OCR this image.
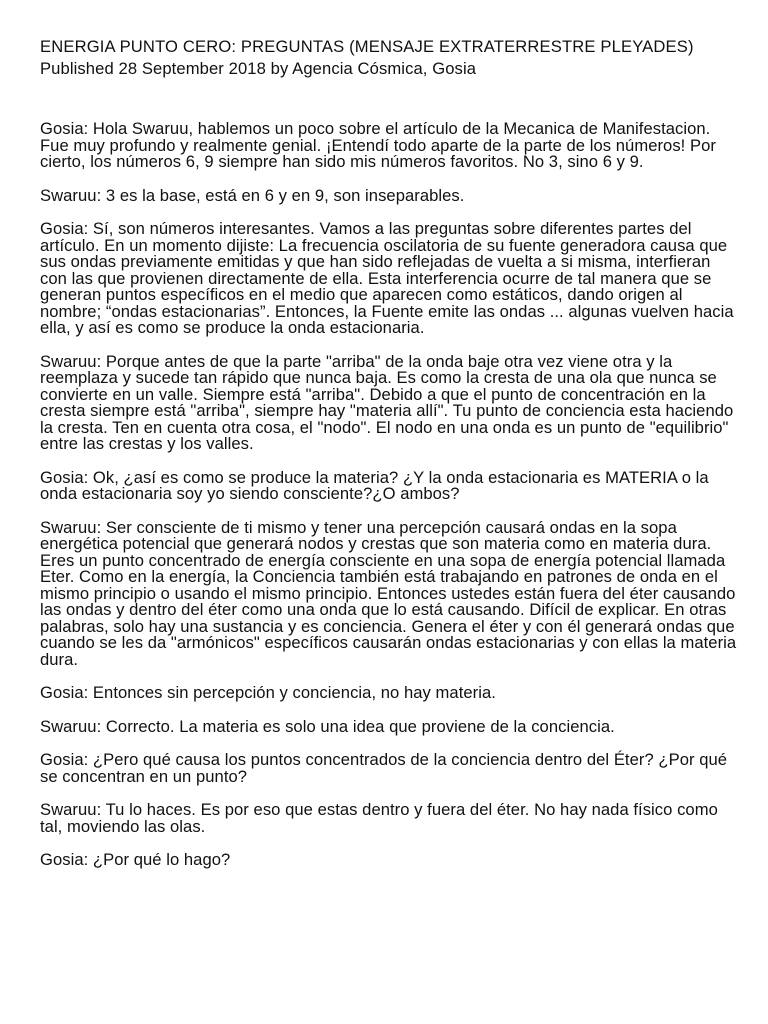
ENERGIA PUNTO CERO: PREGUNTAS (MENSAJE EXTRATERRESTRE PLEYADES)

Published 28 September 2018 by Agencia Cósmica, Gosia

Gosia: Hola Swaruu, hablemos un poco sobre el artículo de la Mecanica de Manifestacion. Fue muy profundo y realmente genial. ¡Entendí todo aparte de la parte de los números! Por cierto, los números 6, 9 siempre han sido mis números favoritos. No 3, sino 6 y 9.

Swaruu: 3 es la base, está en 6 y en 9, son inseparables.

Gosia: Sí, son números interesantes. Vamos a las preguntas sobre diferentes partes del artículo. En un momento dijiste: La frecuencia oscilatoria de su fuente generadora causa que sus ondas previamente emitidas y que han sido reflejadas de vuelta a si misma, interfieran con las que provienen directamente de ella. Esta interferencia ocurre de tal manera que se generan puntos específicos en el medio que aparecen como estáticos, dando origen al nombre; “ondas estacionarias”. Entonces, la Fuente emite las ondas ... algunas vuelven hacia ella, y así es como se produce la onda estacionaria.

Swaruu: Porque antes de que la parte "arriba" de la onda baje otra vez viene otra y la reemplaza y sucede tan rápido que nunca baja. Es como la cresta de una ola que nunca se convierte en un valle. Siempre está "arriba". Debido a que el punto de concentración en la cresta siempre está "arriba", siempre hay "materia allí". Tu punto de conciencia esta haciendo la cresta. Ten en cuenta otra cosa, el "nodo". El nodo en una onda es un punto de "equilibrio" entre las crestas y los valles.

Gosia: Ok, ¿así es como se produce la materia? ¿Y la onda estacionaria es MATERIA o la onda estacionaria soy yo siendo consciente?¿O ambos?

Swaruu: Ser consciente de ti mismo y tener una percepción causará ondas en la sopa energética potencial que generará nodos y crestas que son materia como en materia dura. Eres un punto concentrado de energía consciente en una sopa de energía potencial llamada Eter. Como en la energía, la Conciencia también está trabajando en patrones de onda en el mismo principio o usando el mismo principio. Entonces ustedes están fuera del éter causando las ondas y dentro del éter como una onda que lo está causando. Difícil de explicar. En otras palabras, solo hay una sustancia y es conciencia. Genera el éter y con él generará ondas que cuando se les da "armónicos" específicos causarán ondas estacionarias y con ellas la materia dura.

Gosia: Entonces sin percepción y conciencia, no hay materia.

Swaruu: Correcto. La materia es solo una idea que proviene de la conciencia.

Gosia: ¿Pero qué causa los puntos concentrados de la conciencia dentro del Éter? ¿Por qué se concentran en un punto?

Swaruu: Tu lo haces. Es por eso que estas dentro y fuera del éter. No hay nada físico como tal, moviendo las olas.

Gosia: ¿Por qué lo hago?
